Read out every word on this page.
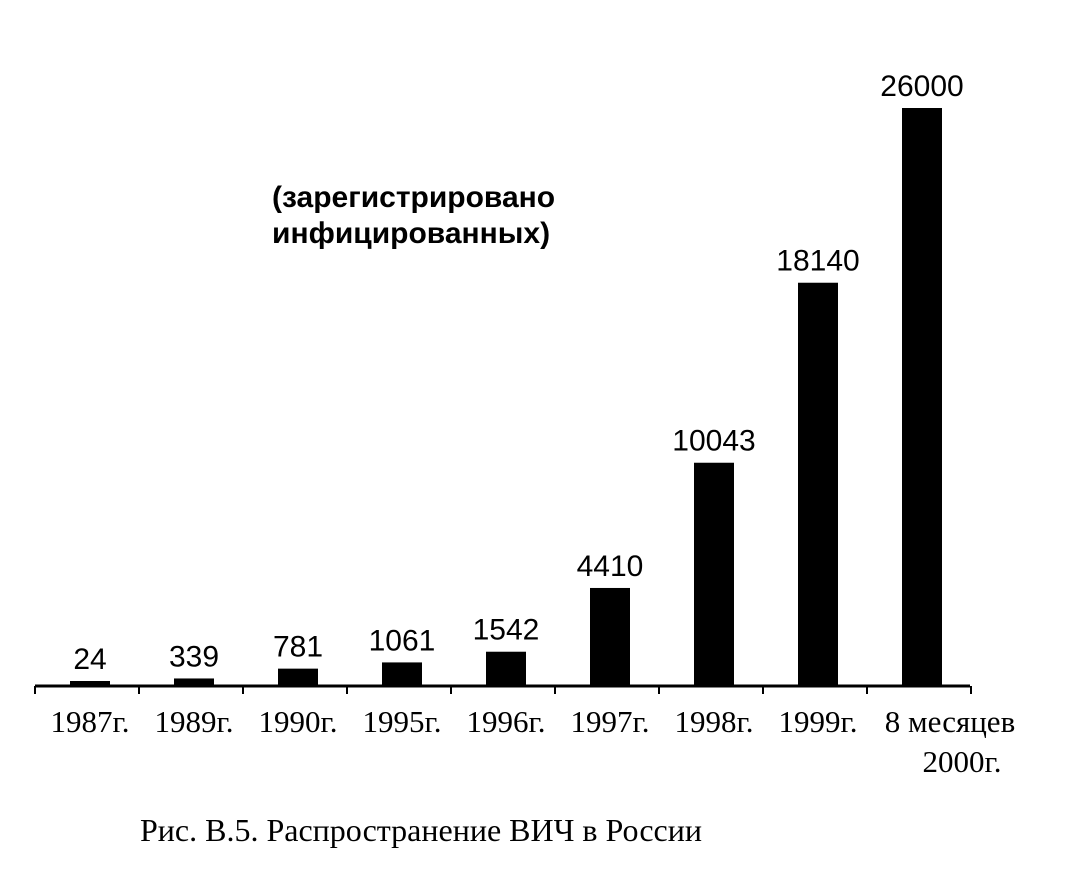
24 339 781 1061 1542
4410
10043
18140
26000
1987г. 1989г. 1990г. 1995г. 1996г. 1997г. 1998г. 1999г. 8 месяцев
2000г.
(зарегистрировано
инфицированных)
Рис. В.5. Распространение ВИЧ в России
